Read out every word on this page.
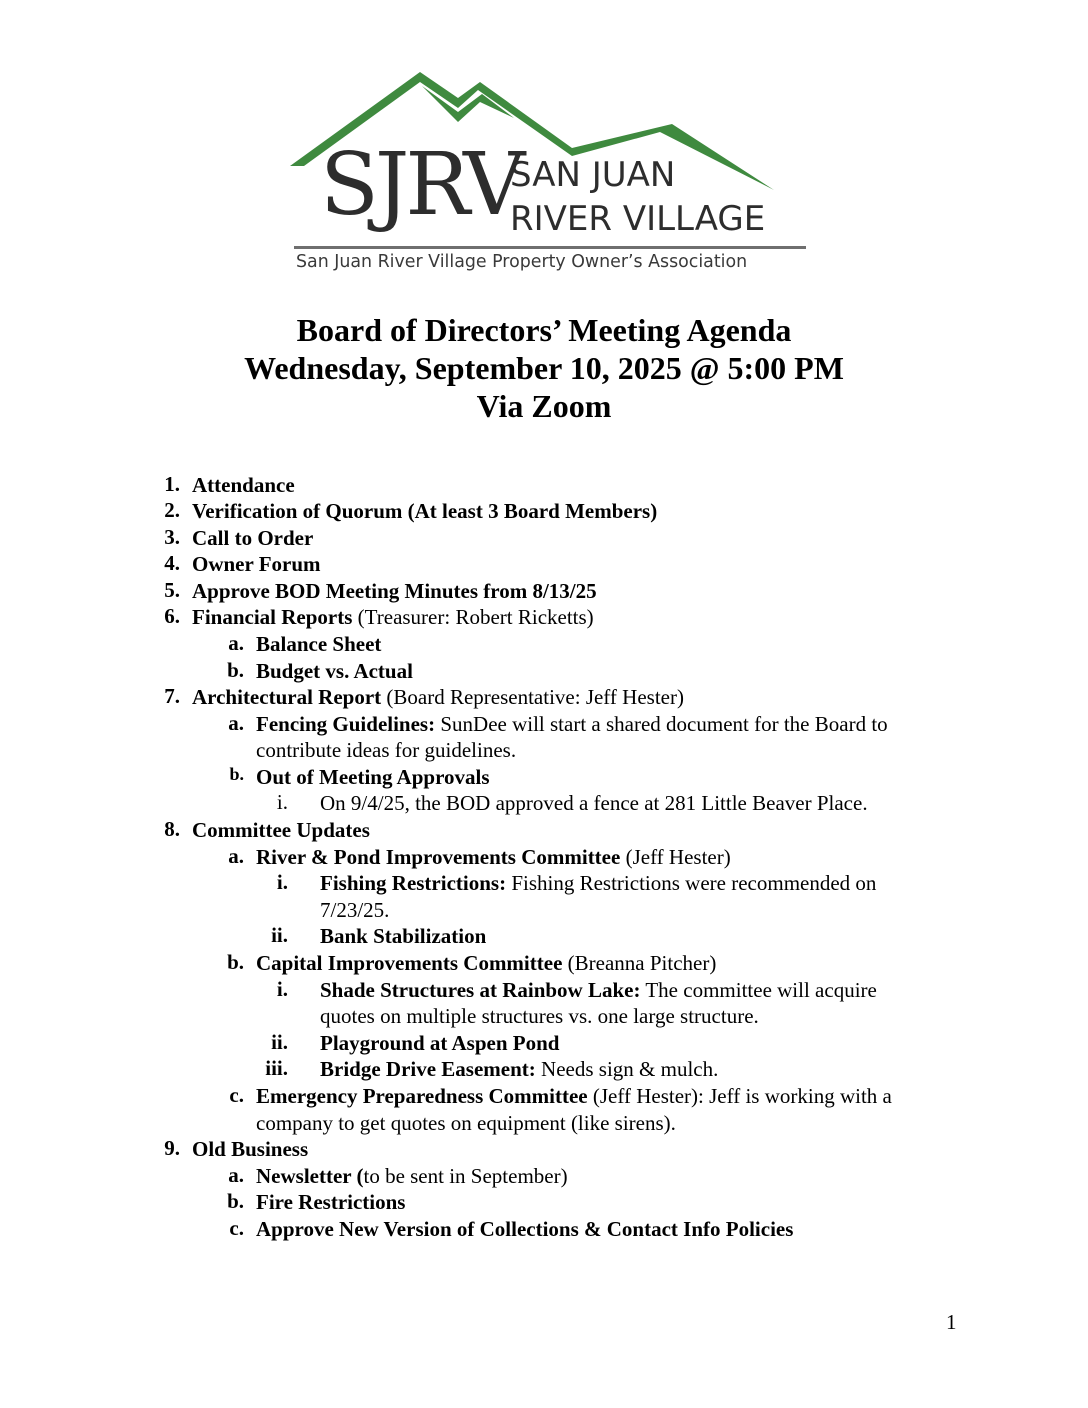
SJRV
SAN JUAN
RIVER VILLAGE
San Juan River Village Property Owner’s Association
Board of Directors’ Meeting Agenda
Wednesday, September 10, 2025 @ 5:00 PM
Via Zoom
1. Attendance
2. Verification of Quorum (At least 3 Board Members)
3. Call to Order
4. Owner Forum
5. Approve BOD Meeting Minutes from 8/13/25
6. Financial Reports (Treasurer: Robert Ricketts)
a. Balance Sheet
b. Budget vs. Actual
7. Architectural Report (Board Representative: Jeff Hester)
a. Fencing Guidelines: SunDee will start a shared document for the Board to
contribute ideas for guidelines.
b. Out of Meeting Approvals
i. On 9/4/25, the BOD approved a fence at 281 Little Beaver Place.
8. Committee Updates
a. River & Pond Improvements Committee (Jeff Hester)
i. Fishing Restrictions: Fishing Restrictions were recommended on
7/23/25.
ii. Bank Stabilization
b. Capital Improvements Committee (Breanna Pitcher)
i. Shade Structures at Rainbow Lake: The committee will acquire
quotes on multiple structures vs. one large structure.
ii. Playground at Aspen Pond
iii. Bridge Drive Easement: Needs sign & mulch.
c. Emergency Preparedness Committee (Jeff Hester): Jeff is working with a
company to get quotes on equipment (like sirens).
9. Old Business
a. Newsletter (to be sent in September)
b. Fire Restrictions
c. Approve New Version of Collections & Contact Info Policies
1
